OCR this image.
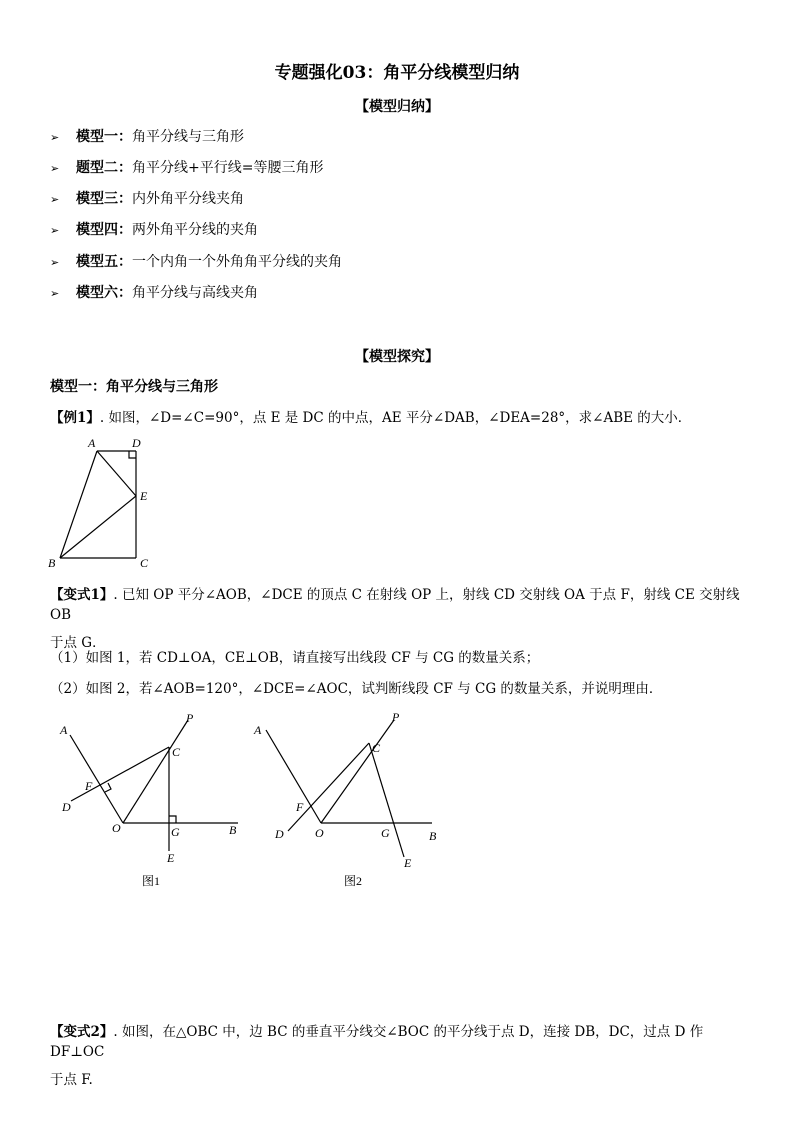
专题强化03：角平分线模型归纳
【模型归纳】
➢ 模型一：角平分线与三角形
➢ 题型二：角平分线+平行线=等腰三角形
➢ 模型三：内外角平分线夹角
➢ 模型四：两外角平分线的夹角
➢ 模型五：一个内角一个外角角平分线的夹角
➢ 模型六：角平分线与高线夹角
【模型探究】
模型一：角平分线与三角形
【例1】. 如图，∠D=∠C=90°，点 E 是 DC 的中点，AE 平分∠DAB，∠DEA=28°，求∠ABE 的大小．
A	D
E
B	C
【变式1】. 已知 OP 平分∠AOB，∠DCE 的顶点 C 在射线 OP 上，射线 CD 交射线 OA 于点 F，射线 CE 交射线 OB
于点 G．
（1）如图 1，若 CD⊥OA，CE⊥OB，请直接写出线段 CF 与 CG 的数量关系；
（2）如图 2，若∠AOB=120°，∠DCE=∠AOC，试判断线段 CF 与 CG 的数量关系，并说明理由．
A
P
C
F
D
O	G	B
E
图1
A
P
C
F
D	O	G	B
E
图2
【变式2】. 如图，在△OBC 中，边 BC 的垂直平分线交∠BOC 的平分线于点 D，连接 DB，DC，过点 D 作 DF⊥OC
于点 F.
